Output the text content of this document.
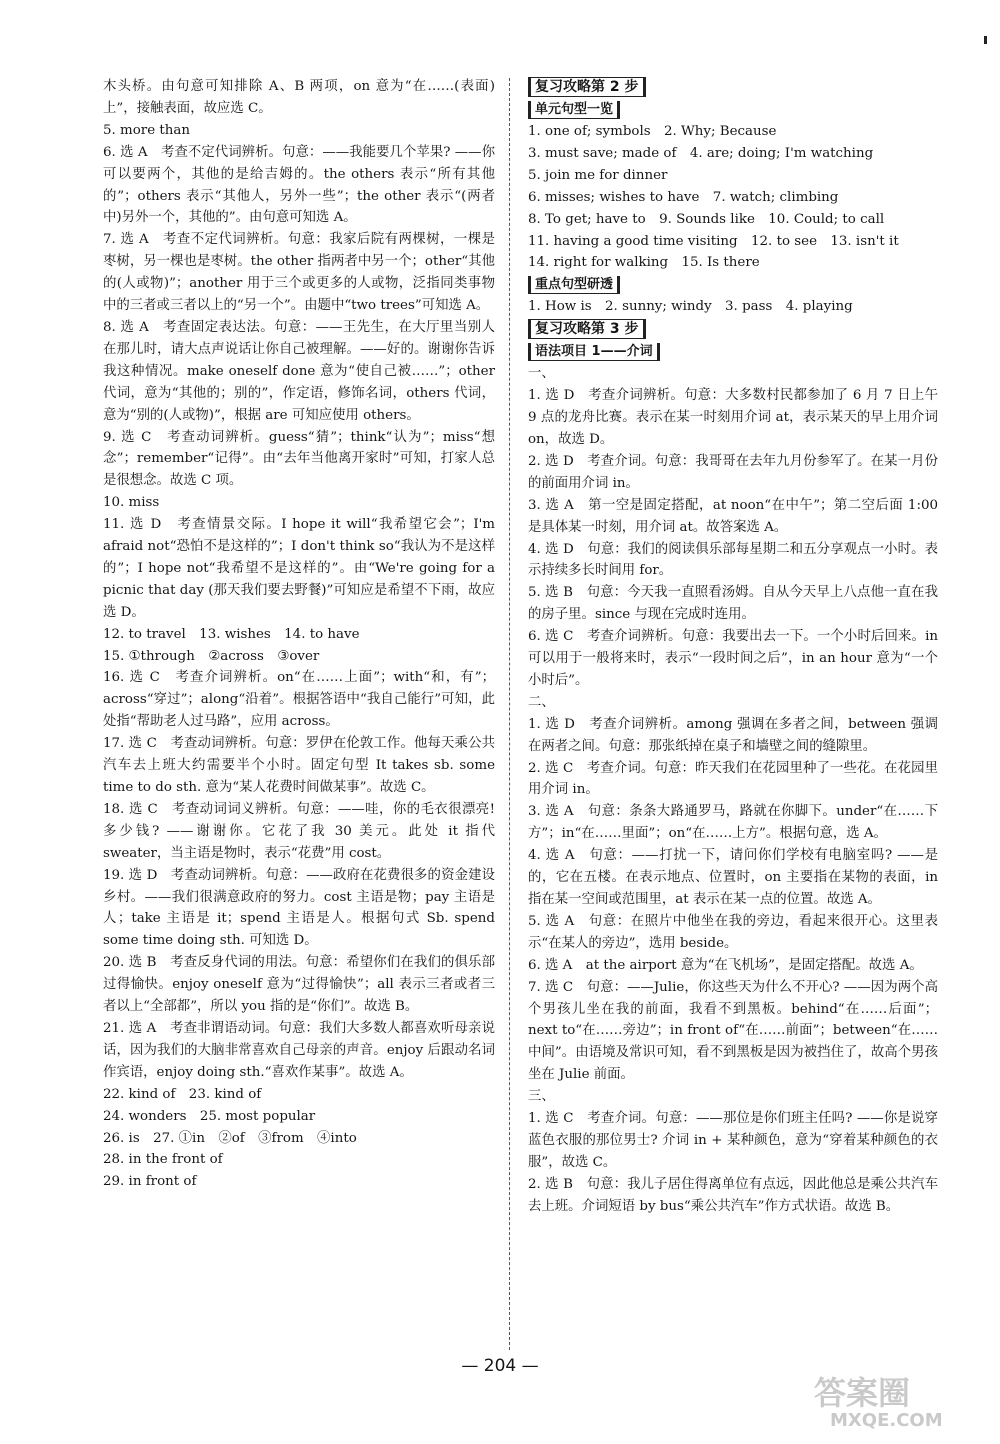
木头桥。由句意可知排除 A、B 两项，on 意为“在……(表面)上”，接触表面，故应选 C。

5. more than

6. 选 A　考查不定代词辨析。句意：——我能要几个苹果? ——你可以要两个，其他的是给吉姆的。the others 表示“所有其他的”；others 表示“其他人，另外一些”；the other 表示“(两者中)另外一个，其他的”。由句意可知选 A。

7. 选 A　考查不定代词辨析。句意：我家后院有两棵树，一棵是枣树，另一棵也是枣树。the other 指两者中另一个；other“其他的(人或物)”；another 用于三个或更多的人或物，泛指同类事物中的三者或三者以上的“另一个”。由题中“two trees”可知选 A。

8. 选 A　考查固定表达法。句意：——王先生，在大厅里当别人在那儿时，请大点声说话让你自己被理解。——好的。谢谢你告诉我这种情况。make oneself done 意为“使自己被……”；other 代词，意为“其他的；别的”，作定语，修饰名词，others 代词，意为“别的(人或物)”，根据 are 可知应使用 others。

9. 选 C　考查动词辨析。guess“猜”；think“认为”；miss“想念”；remember“记得”。由“去年当他离开家时”可知，打家人总是很想念。故选 C 项。

10. miss

11. 选 D　考查情景交际。I hope it will“我希望它会”；I'm afraid not“恐怕不是这样的”；I don't think so“我认为不是这样的”；I hope not“我希望不是这样的”。由“We're going for a picnic that day (那天我们要去野餐)”可知应是希望不下雨，故应选 D。

12. to travel　13. wishes　14. to have

15. ①through　②across　③over

16. 选 C　考查介词辨析。on“在……上面”；with“和，有”；across“穿过”；along“沿着”。根据答语中“我自己能行”可知，此处指“帮助老人过马路”，应用 across。

17. 选 C　考查动词辨析。句意：罗伊在伦敦工作。他每天乘公共汽车去上班大约需要半个小时。固定句型 It takes sb. some time to do sth. 意为“某人花费时间做某事”。故选 C。

18. 选 C　考查动词词义辨析。句意：——哇，你的毛衣很漂亮! 多少钱? ——谢谢你。它花了我 30 美元。此处 it 指代 sweater，当主语是物时，表示“花费”用 cost。

19. 选 D　考查动词辨析。句意：——政府在花费很多的资金建设乡村。——我们很满意政府的努力。cost 主语是物；pay 主语是人；take 主语是 it；spend 主语是人。根据句式 Sb. spend some time doing sth. 可知选 D。

20. 选 B　考查反身代词的用法。句意：希望你们在我们的俱乐部过得愉快。enjoy oneself 意为“过得愉快”；all 表示三者或者三者以上“全部都”，所以 you 指的是“你们”。故选 B。

21. 选 A　考查非谓语动词。句意：我们大多数人都喜欢听母亲说话，因为我们的大脑非常喜欢自己母亲的声音。enjoy 后跟动名词作宾语，enjoy doing sth.“喜欢作某事”。故选 A。

22. kind of　23. kind of

24. wonders　25. most popular

26. is　27. ①in　②of　③from　④into

28. in the front of

29. in front of

复习攻略第 2 步
单元句型一览

1. one of; symbols　2. Why; Because

3. must save; made of　4. are; doing; I'm watching

5. join me for dinner

6. misses; wishes to have　7. watch; climbing

8. To get; have to　9. Sounds like　10. Could; to call

11. having a good time visiting　12. to see　13. isn't it

14. right for walking　15. Is there

重点句型研透

1. How is　2. sunny; windy　3. pass　4. playing

复习攻略第 3 步
语法项目 1——介词
一、

1. 选 D　考查介词辨析。句意：大多数村民都参加了 6 月 7 日上午 9 点的龙舟比赛。表示在某一时刻用介词 at，表示某天的早上用介词 on，故选 D。

2. 选 D　考查介词。句意：我哥哥在去年九月份参军了。在某一月份的前面用介词 in。

3. 选 A　第一空是固定搭配，at noon“在中午”；第二空后面 1:00 是具体某一时刻，用介词 at。故答案选 A。

4. 选 D　句意：我们的阅读俱乐部每星期二和五分享观点一小时。表示持续多长时间用 for。

5. 选 B　句意：今天我一直照看汤姆。自从今天早上八点他一直在我的房子里。since 与现在完成时连用。

6. 选 C　考查介词辨析。句意：我要出去一下。一个小时后回来。in 可以用于一般将来时，表示“一段时间之后”，in an hour 意为“一个小时后”。

二、

1. 选 D　考查介词辨析。among 强调在多者之间，between 强调在两者之间。句意：那张纸掉在桌子和墙壁之间的缝隙里。

2. 选 C　考查介词。句意：昨天我们在花园里种了一些花。在花园里用介词 in。

3. 选 A　句意：条条大路通罗马，路就在你脚下。under“在……下方”；in“在……里面”；on“在……上方”。根据句意，选 A。

4. 选 A　句意：——打扰一下，请问你们学校有电脑室吗? ——是的，它在五楼。在表示地点、位置时，on 主要指在某物的表面，in 指在某一空间或范围里，at 表示在某一点的位置。故选 A。

5. 选 A　句意：在照片中他坐在我的旁边，看起来很开心。这里表示“在某人的旁边”，选用 beside。

6. 选 A　at the airport 意为“在飞机场”，是固定搭配。故选 A。

7. 选 C　句意：——Julie，你这些天为什么不开心? ——因为两个高个男孩儿坐在我的前面，我看不到黑板。behind“在……后面”；next to“在……旁边”；in front of“在……前面”；between“在……中间”。由语境及常识可知，看不到黑板是因为被挡住了，故高个男孩坐在 Julie 前面。

三、

1. 选 C　考查介词。句意：——那位是你们班主任吗? ——你是说穿蓝色衣服的那位男士? 介词 in + 某种颜色，意为“穿着某种颜色的衣服”，故选 C。

2. 选 B　句意：我儿子居住得离单位有点远，因此他总是乘公共汽车去上班。介词短语 by bus“乘公共汽车”作方式状语。故选 B。

— 204 —
答案圈
MXQE.COM
